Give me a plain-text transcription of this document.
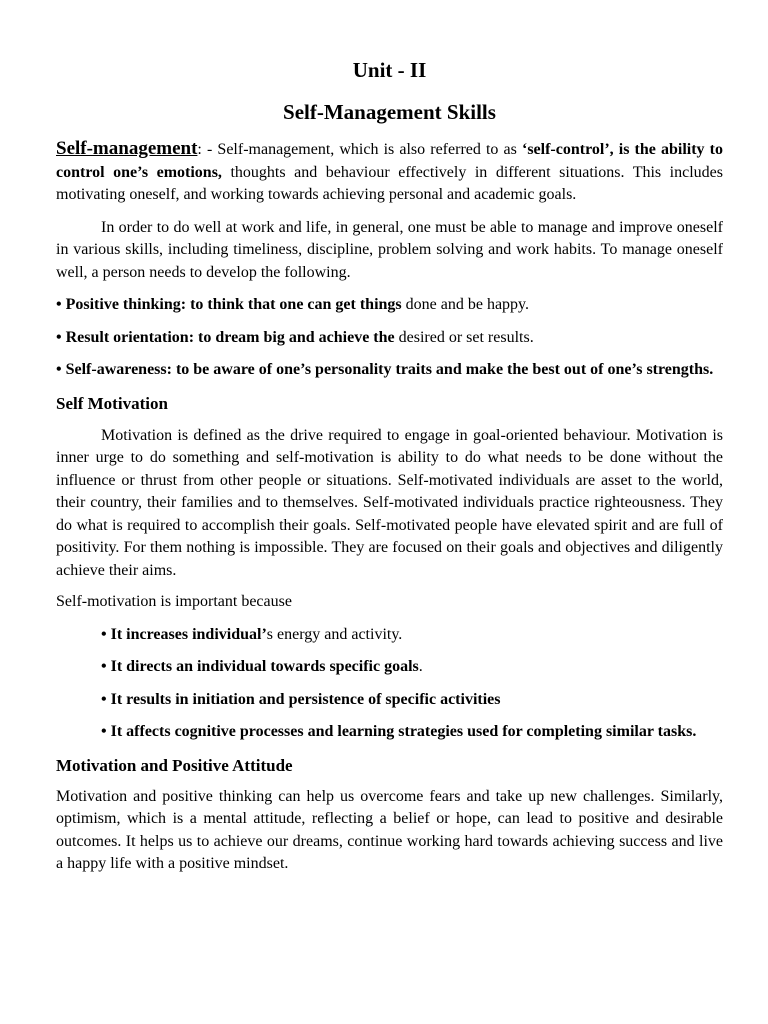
Unit - II
Self-Management Skills

Self-management: - Self-management, which is also referred to as ‘self-control’, is the ability to control one’s emotions, thoughts and behaviour effectively in different situations. This includes motivating oneself, and working towards achieving personal and academic goals.

In order to do well at work and life, in general, one must be able to manage and improve oneself in various skills, including timeliness, discipline, problem solving and work habits. To manage oneself well, a person needs to develop the following.

• Positive thinking: to think that one can get things done and be happy.

• Result orientation: to dream big and achieve the desired or set results.

• Self-awareness: to be aware of one’s personality traits and make the best out of one’s strengths.

Self Motivation

Motivation is defined as the drive required to engage in goal-oriented behaviour. Motivation is inner urge to do something and self-motivation is ability to do what needs to be done without the influence or thrust from other people or situations. Self-motivated individuals are asset to the world, their country, their families and to themselves. Self-motivated individuals practice righteousness. They do what is required to accomplish their goals. Self-motivated people have elevated spirit and are full of positivity. For them nothing is impossible. They are focused on their goals and objectives and diligently achieve their aims.

Self-motivation is important because

• It increases individual’s energy and activity.

• It directs an individual towards specific goals.

• It results in initiation and persistence of specific activities

• It affects cognitive processes and learning strategies used for completing similar tasks.

Motivation and Positive Attitude

Motivation and positive thinking can help us overcome fears and take up new challenges. Similarly, optimism, which is a mental attitude, reflecting a belief or hope, can lead to positive and desirable outcomes. It helps us to achieve our dreams, continue working hard towards achieving success and live a happy life with a positive mindset.
